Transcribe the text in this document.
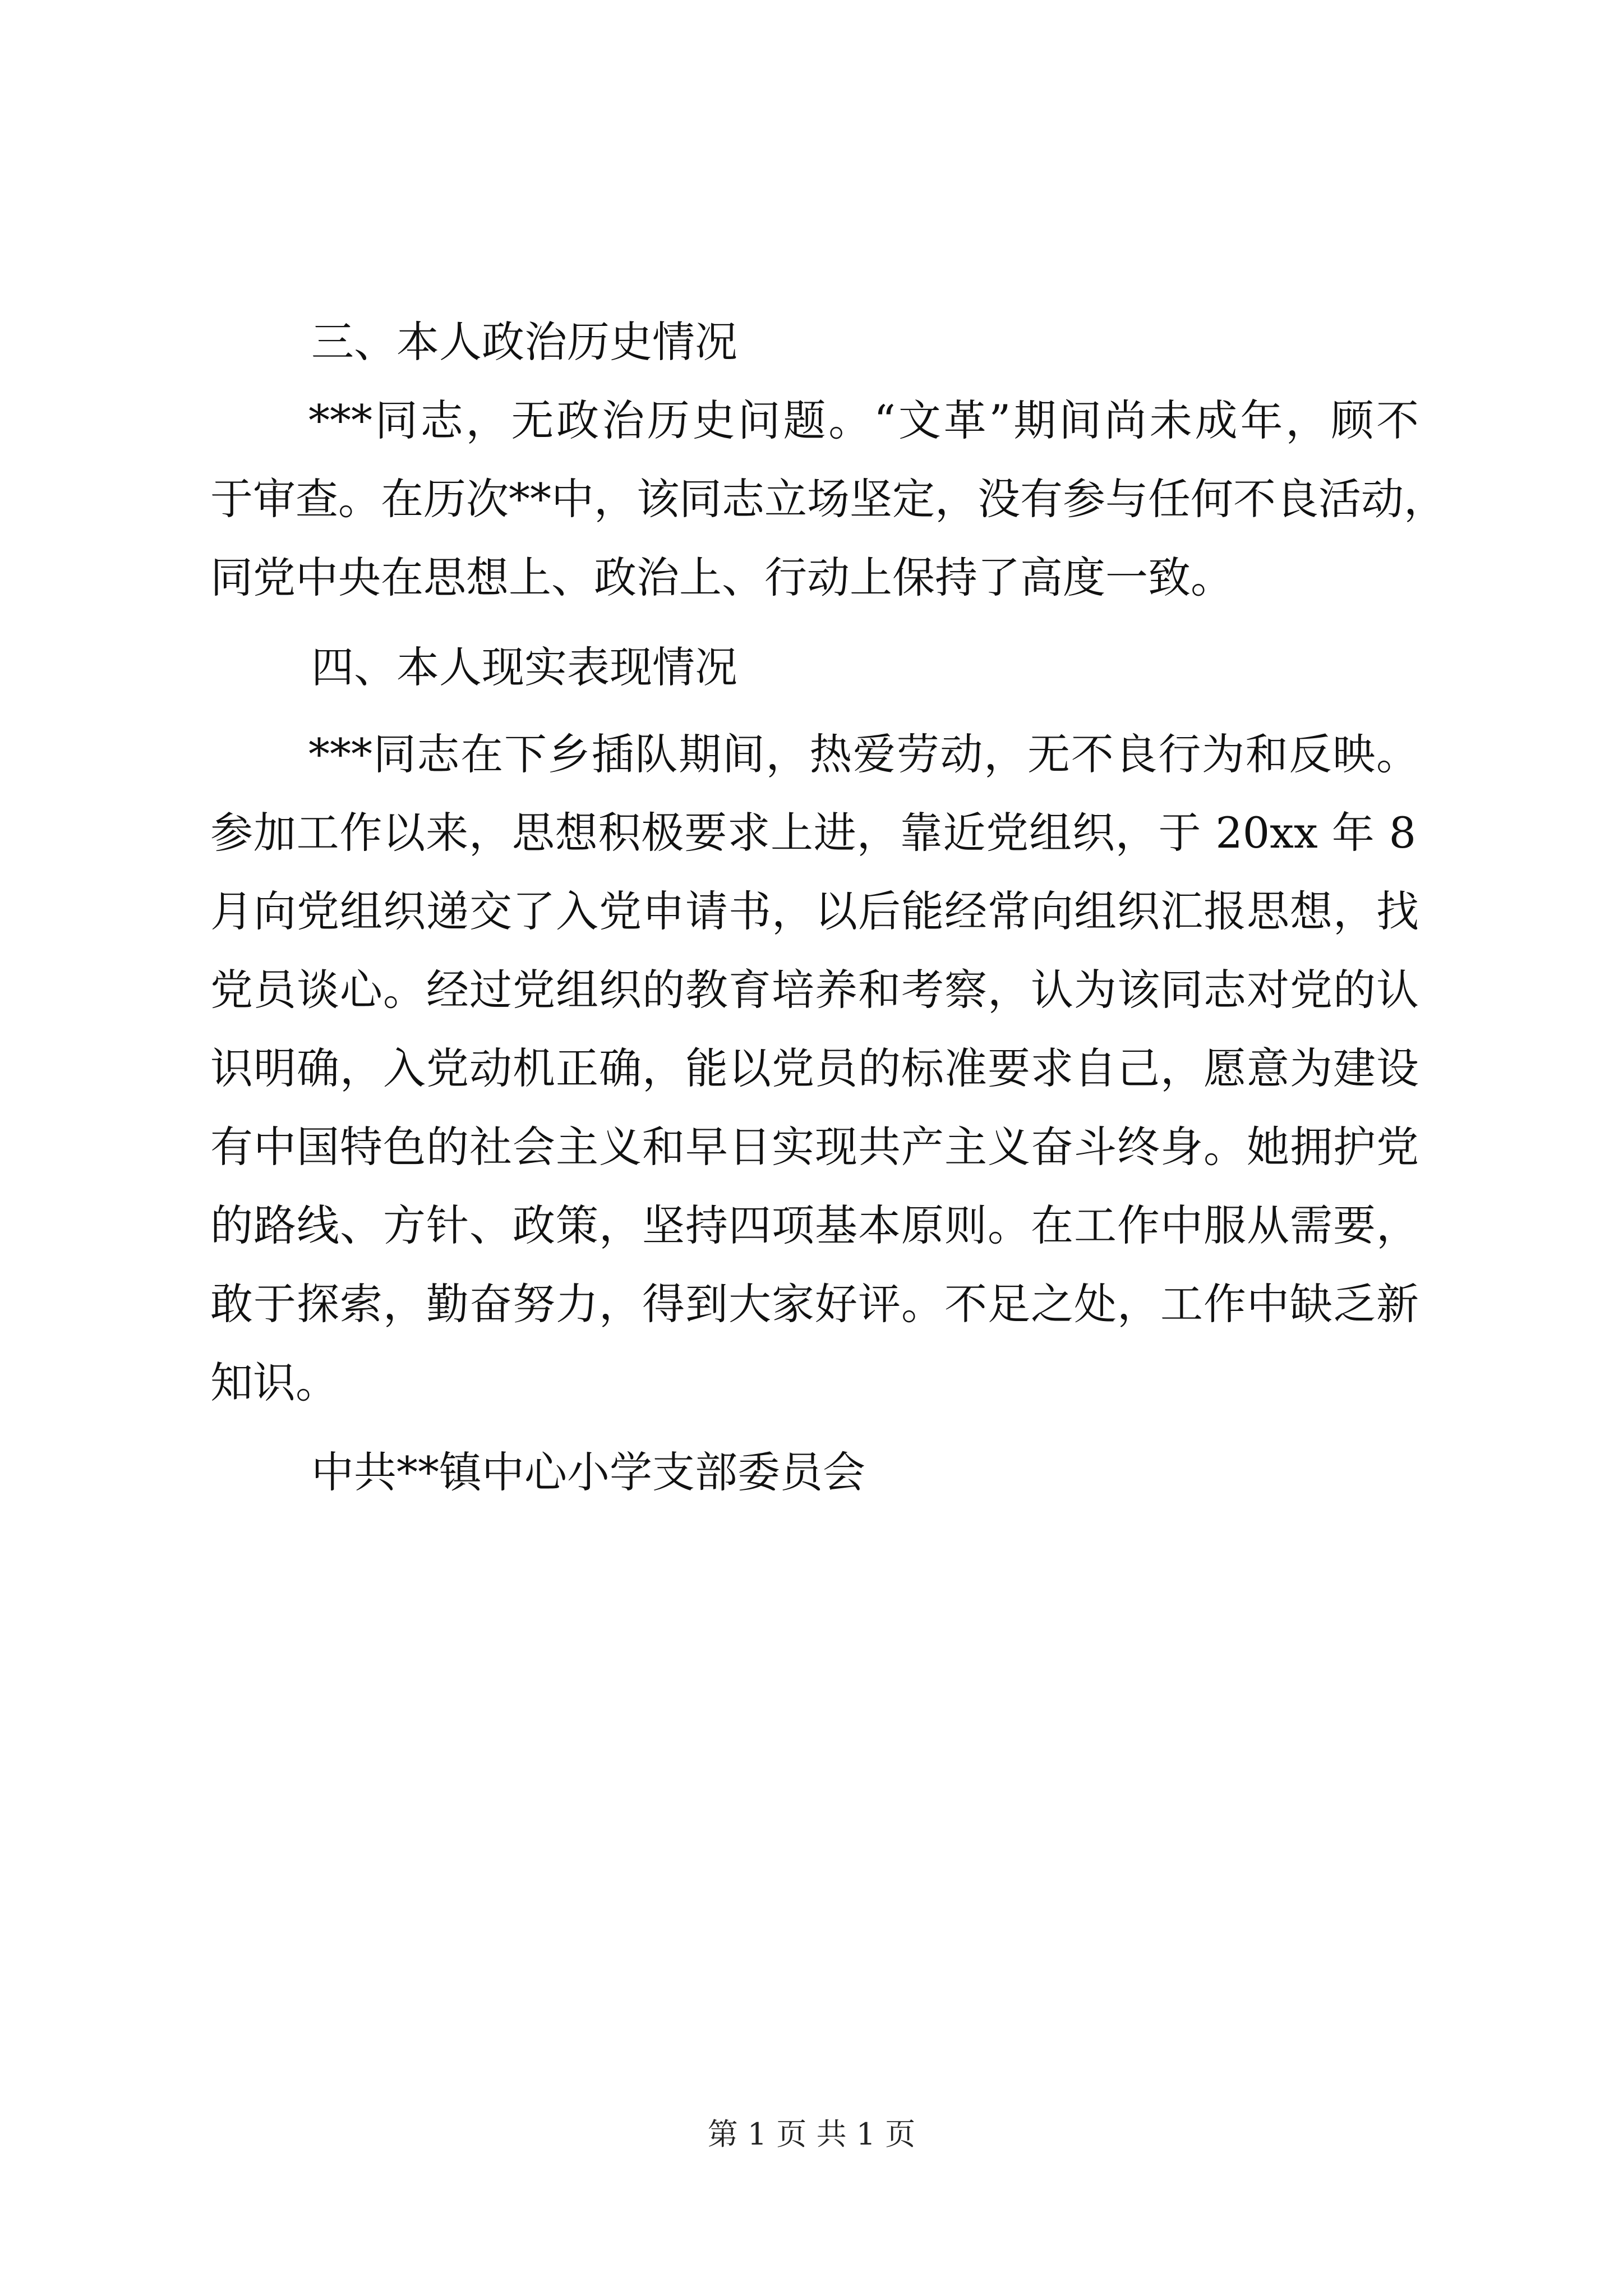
三、本人政治历史情况
***同志，无政治历史问题。“文革”期间尚未成年，顾不
于审查。在历次**中，该同志立场坚定，没有参与任何不良活动，
同党中央在思想上、政治上、行动上保持了高度一致。
四、本人现实表现情况
***同志在下乡插队期间，热爱劳动，无不良行为和反映。
参加工作以来，思想积极要求上进，靠近党组织，于 20xx 年 8
月向党组织递交了入党申请书，以后能经常向组织汇报思想，找
党员谈心。经过党组织的教育培养和考察，认为该同志对党的认
识明确，入党动机正确，能以党员的标准要求自己，愿意为建设
有中国特色的社会主义和早日实现共产主义奋斗终身。她拥护党
的路线、方针、政策，坚持四项基本原则。在工作中服从需要，
敢于探索，勤奋努力，得到大家好评。不足之处，工作中缺乏新
知识。
中共**镇中心小学支部委员会
第 1 页 共 1 页
